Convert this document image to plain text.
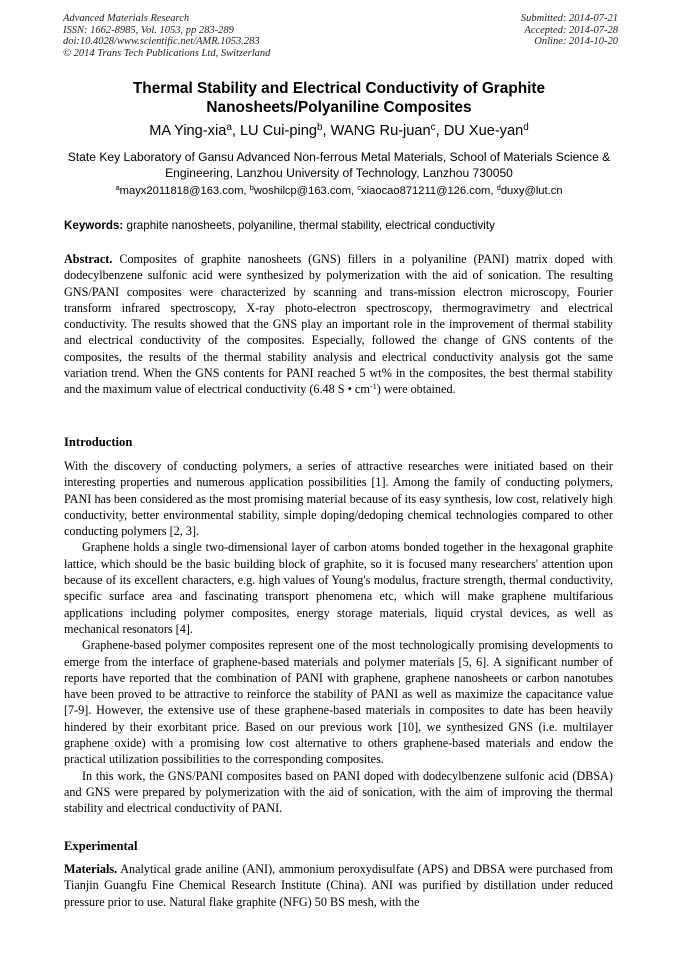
Advanced Materials Research
ISSN: 1662-8985, Vol. 1053, pp 283-289
doi:10.4028/www.scientific.net/AMR.1053.283
© 2014 Trans Tech Publications Ltd, Switzerland
Submitted: 2014-07-21
Accepted: 2014-07-28
Online: 2014-10-20
Thermal Stability and Electrical Conductivity of Graphite
Nanosheets/Polyaniline Composites
MA Ying-xia$^a$, LU Cui-ping$^b$, WANG Ru-juan$^c$, DU Xue-yan$^d$
State Key Laboratory of Gansu Advanced Non-ferrous Metal Materials, School of Materials Science & Engineering, Lanzhou University of Technology, Lanzhou 730050
$^a$mayx2011818@163.com, $^b$woshilcp@163.com, $^c$xiaocao871211@126.com, $^d$duxy@lut.cn
Keywords: graphite nanosheets, polyaniline, thermal stability, electrical conductivity
Abstract. Composites of graphite nanosheets (GNS) fillers in a polyaniline (PANI) matrix doped with dodecylbenzene sulfonic acid were synthesized by polymerization with the aid of sonication. The resulting GNS/PANI composites were characterized by scanning and trans-mission electron microscopy, Fourier transform infrared spectroscopy, X-ray photo-electron spectroscopy, thermogravimetry and electrical conductivity. The results showed that the GNS play an important role in the improvement of thermal stability and electrical conductivity of the composites. Especially, followed the change of GNS contents of the composites, the results of the thermal stability analysis and electrical conductivity analysis got the same variation trend. When the GNS contents for PANI reached 5 wt% in the composites, the best thermal stability and the maximum value of electrical conductivity (6.48 S • $cm^{-1}$) were obtained.
Introduction

With the discovery of conducting polymers, a series of attractive researches were initiated based on their interesting properties and numerous application possibilities [1]. Among the family of conducting polymers, PANI has been considered as the most promising material because of its easy synthesis, low cost, relatively high conductivity, better environmental stability, simple doping/dedoping chemical technologies compared to other conducting polymers [2, 3].

Graphene holds a single two-dimensional layer of carbon atoms bonded together in the hexagonal graphite lattice, which should be the basic building block of graphite, so it is focused many researchers' attention upon because of its excellent characters, e.g. high values of Young's modulus, fracture strength, thermal conductivity, specific surface area and fascinating transport phenomena etc, which will make graphene multifarious applications including polymer composites, energy storage materials, liquid crystal devices, as well as mechanical resonators [4].

Graphene-based polymer composites represent one of the most technologically promising developments to emerge from the interface of graphene-based materials and polymer materials [5, 6]. A significant number of reports have reported that the combination of PANI with graphene, graphene nanosheets or carbon nanotubes have been proved to be attractive to reinforce the stability of PANI as well as maximize the capacitance value [7-9]. However, the extensive use of these graphene-based materials in composites to date has been heavily hindered by their exorbitant price. Based on our previous work [10], we synthesized GNS (i.e. multilayer graphene oxide) with a promising low cost alternative to others graphene-based materials and endow the practical utilization possibilities to the corresponding composites.

In this work, the GNS/PANI composites based on PANI doped with dodecylbenzene sulfonic acid (DBSA) and GNS were prepared by polymerization with the aid of sonication, with the aim of improving the thermal stability and electrical conductivity of PANI.

Experimental
Materials. Analytical grade aniline (ANI), ammonium peroxydisulfate (APS) and DBSA were purchased from Tianjin Guangfu Fine Chemical Research Institute (China). ANI was purified by distillation under reduced pressure prior to use. Natural flake graphite (NFG) 50 BS mesh, with the
